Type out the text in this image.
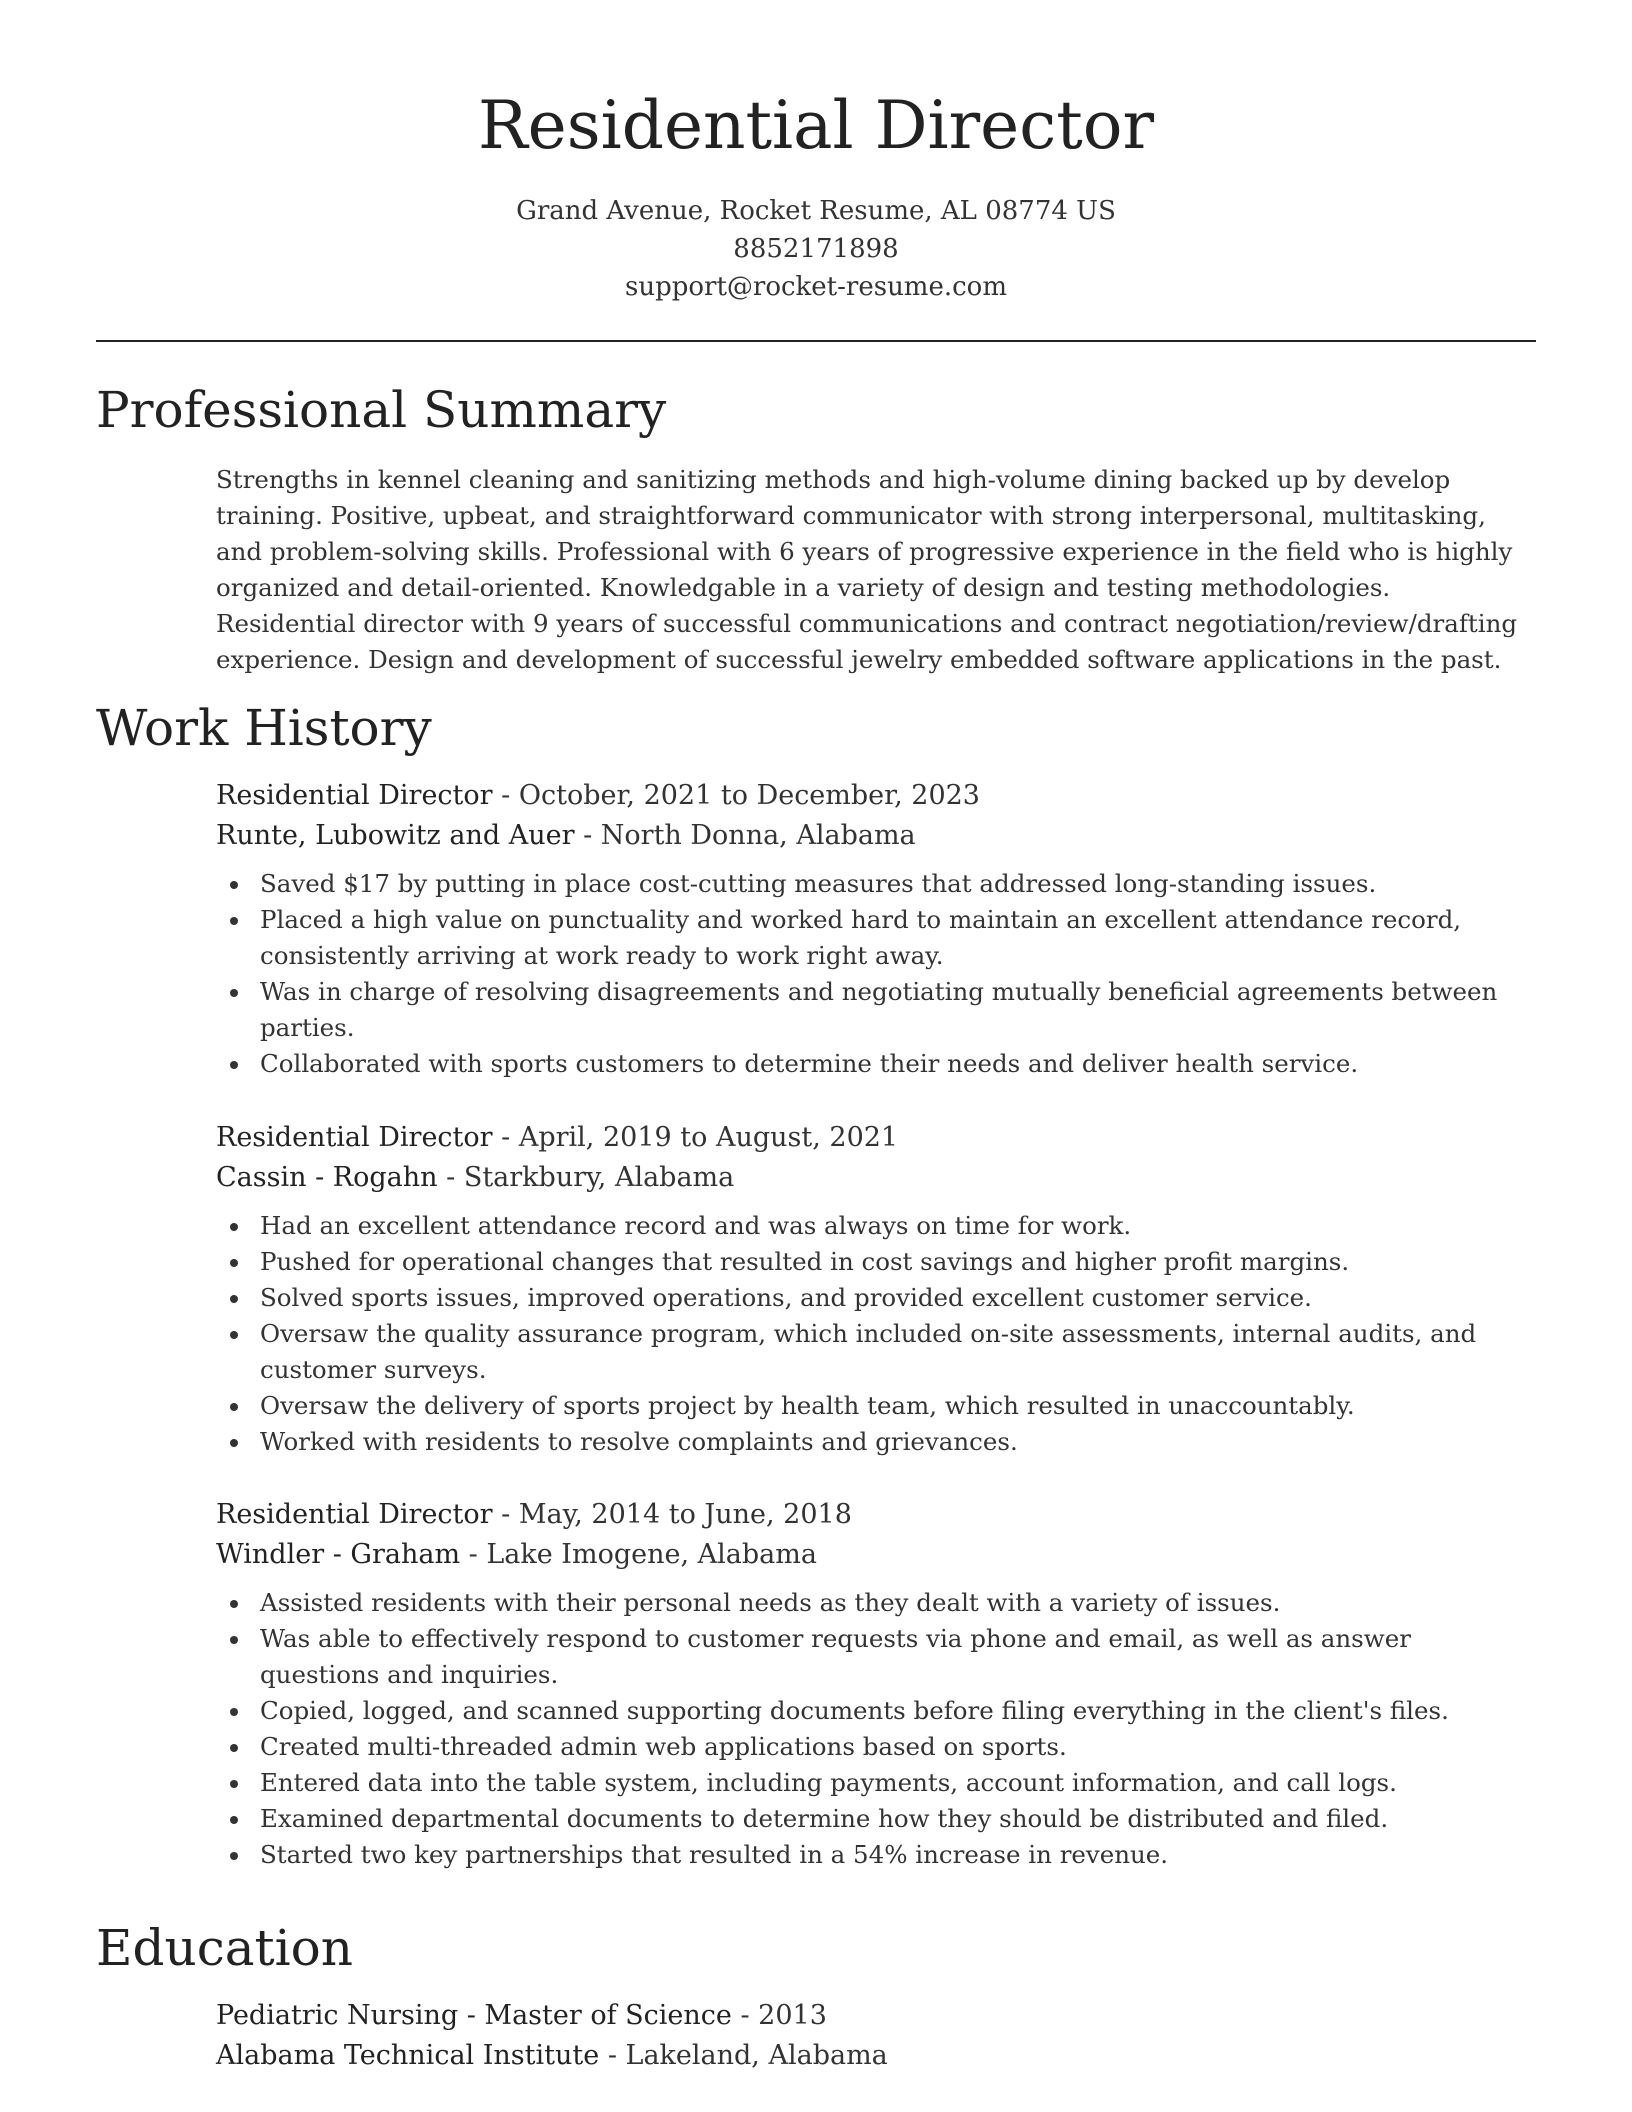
Residential Director
Grand Avenue, Rocket Resume, AL 08774 US
8852171898
support@rocket-resume.com
Professional Summary

Strengths in kennel cleaning and sanitizing methods and high-volume dining backed up by develop training. Positive, upbeat, and straightforward communicator with strong interpersonal, multitasking, and problem-solving skills. Professional with 6 years of progressive experience in the field who is highly organized and detail-oriented. Knowledgable in a variety of design and testing methodologies. Residential director with 9 years of successful communications and contract negotiation/review/drafting experience. Design and development of successful jewelry embedded software applications in the past.

Work History
Residential Director - October, 2021 to December, 2023
Runte, Lubowitz and Auer - North Donna, Alabama
Saved $17 by putting in place cost-cutting measures that addressed long-standing issues.
Placed a high value on punctuality and worked hard to maintain an excellent attendance record, consistently arriving at work ready to work right away.
Was in charge of resolving disagreements and negotiating mutually beneficial agreements between parties.
Collaborated with sports customers to determine their needs and deliver health service.
Residential Director - April, 2019 to August, 2021
Cassin - Rogahn - Starkbury, Alabama
Had an excellent attendance record and was always on time for work.
Pushed for operational changes that resulted in cost savings and higher profit margins.
Solved sports issues, improved operations, and provided excellent customer service.
Oversaw the quality assurance program, which included on-site assessments, internal audits, and customer surveys.
Oversaw the delivery of sports project by health team, which resulted in unaccountably.
Worked with residents to resolve complaints and grievances.
Residential Director - May, 2014 to June, 2018
Windler - Graham - Lake Imogene, Alabama
Assisted residents with their personal needs as they dealt with a variety of issues.
Was able to effectively respond to customer requests via phone and email, as well as answer questions and inquiries.
Copied, logged, and scanned supporting documents before filing everything in the client's files.
Created multi-threaded admin web applications based on sports.
Entered data into the table system, including payments, account information, and call logs.
Examined departmental documents to determine how they should be distributed and filed.
Started two key partnerships that resulted in a 54% increase in revenue.
Education
Pediatric Nursing - Master of Science - 2013
Alabama Technical Institute - Lakeland, Alabama
